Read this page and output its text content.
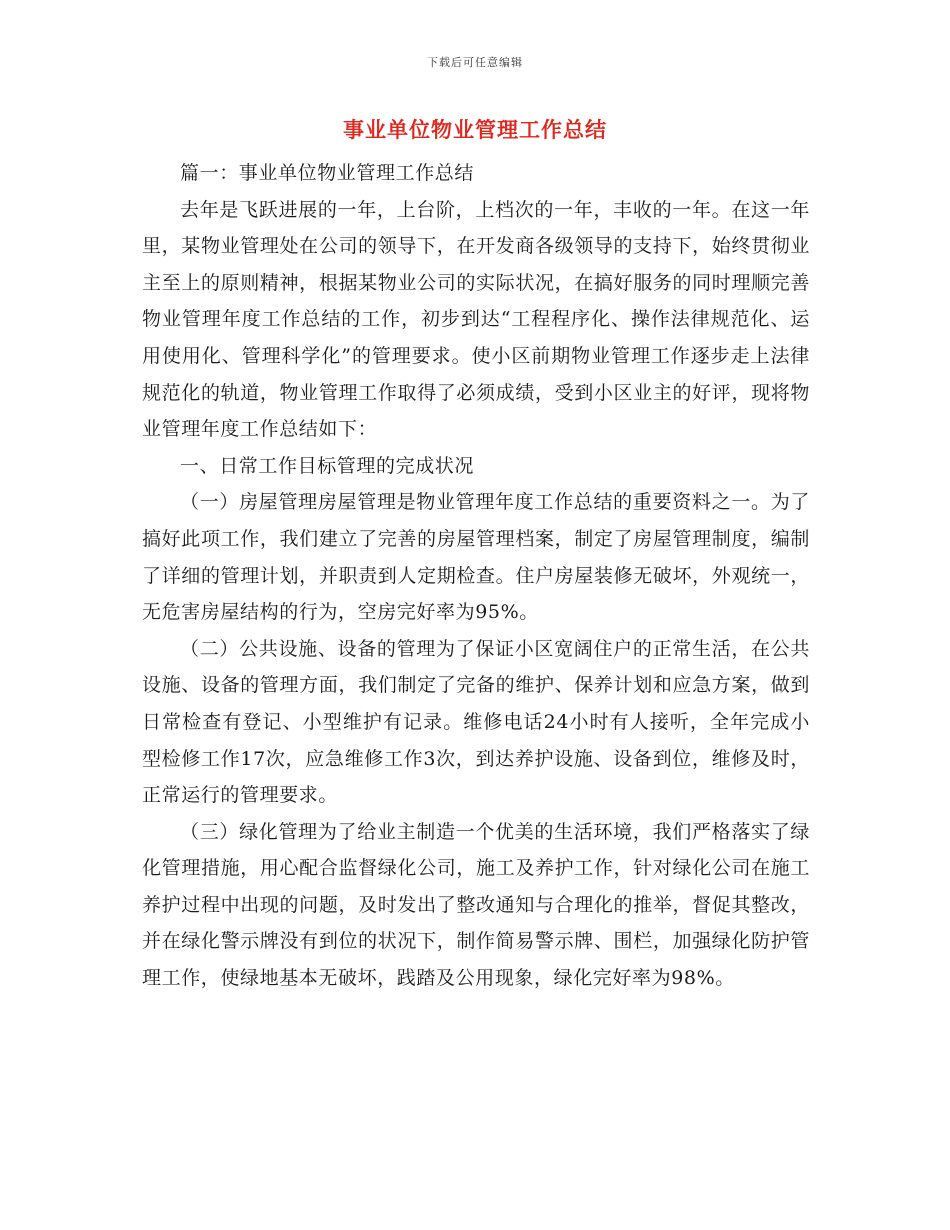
下载后可任意编辑
事业单位物业管理工作总结

篇一：事业单位物业管理工作总结

去年是飞跃进展的一年，上台阶，上档次的一年，丰收的一年。在这一年里，某物业管理处在公司的领导下，在开发商各级领导的支持下，始终贯彻业主至上的原则精神，根据某物业公司的实际状况，在搞好服务的同时理顺完善物业管理年度工作总结的工作，初步到达“工程程序化、操作法律规范化、运用使用化、管理科学化”的管理要求。使小区前期物业管理工作逐步走上法律规范化的轨道，物业管理工作取得了必须成绩，受到小区业主的好评，现将物业管理年度工作总结如下：

一、日常工作目标管理的完成状况

（一）房屋管理房屋管理是物业管理年度工作总结的重要资料之一。为了搞好此项工作，我们建立了完善的房屋管理档案，制定了房屋管理制度，编制了详细的管理计划，并职责到人定期检查。住户房屋装修无破坏，外观统一，无危害房屋结构的行为，空房完好率为95%。

（二）公共设施、设备的管理为了保证小区宽阔住户的正常生活，在公共设施、设备的管理方面，我们制定了完备的维护、保养计划和应急方案，做到日常检查有登记、小型维护有记录。维修电话24小时有人接听，全年完成小型检修工作17次，应急维修工作3次，到达养护设施、设备到位，维修及时，正常运行的管理要求。

（三）绿化管理为了给业主制造一个优美的生活环境，我们严格落实了绿化管理措施，用心配合监督绿化公司，施工及养护工作，针对绿化公司在施工养护过程中出现的问题，及时发出了整改通知与合理化的推举，督促其整改，并在绿化警示牌没有到位的状况下，制作简易警示牌、围栏，加强绿化防护管理工作，使绿地基本无破坏，践踏及公用现象，绿化完好率为98%。
